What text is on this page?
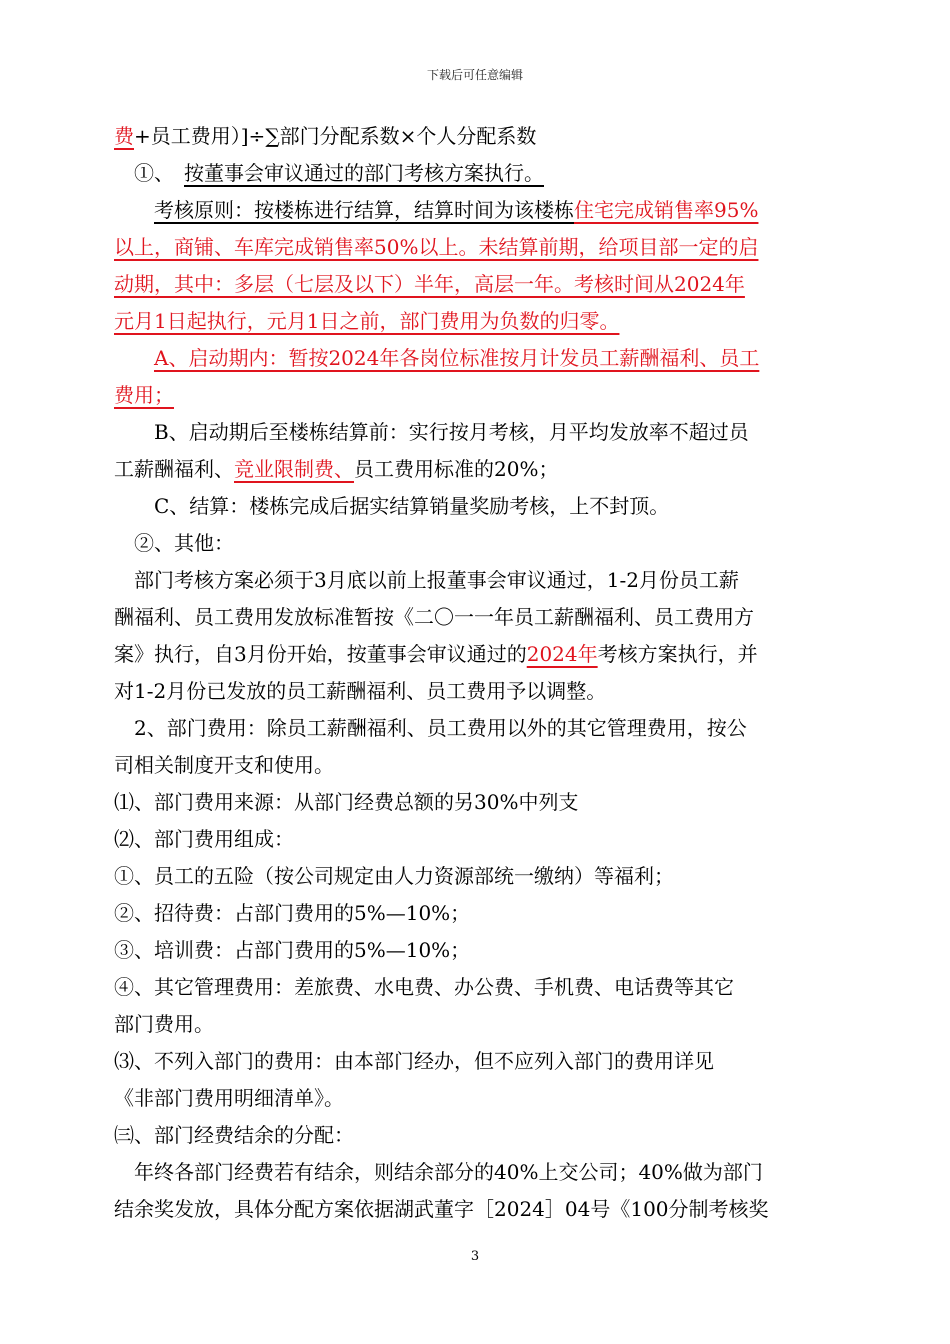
下载后可任意编辑
费+员工费用）]÷∑部门分配系数×个人分配系数
　①、　按董事会审议通过的部门考核方案执行。
　　考核原则：按楼栋进行结算，结算时间为该楼栋住宅完成销售率95%
以上，商铺、车库完成销售率50%以上。未结算前期，给项目部一定的启
动期，其中：多层（七层及以下）半年，高层一年。考核时间从2024年
元月1日起执行，元月1日之前，部门费用为负数的归零。
　　A、启动期内：暂按2024年各岗位标准按月计发员工薪酬福利、员工
费用；
　　B、启动期后至楼栋结算前：实行按月考核，月平均发放率不超过员
工薪酬福利、竞业限制费、员工费用标准的20%；
　　C、结算：楼栋完成后据实结算销量奖励考核，上不封顶。
　②、其他：
　部门考核方案必须于3月底以前上报董事会审议通过，1-2月份员工薪
酬福利、员工费用发放标准暂按《二〇一一年员工薪酬福利、员工费用方
案》执行，自3月份开始，按董事会审议通过的2024年考核方案执行，并
对1-2月份已发放的员工薪酬福利、员工费用予以调整。
　2、部门费用：除员工薪酬福利、员工费用以外的其它管理费用，按公
司相关制度开支和使用。
⑴、部门费用来源：从部门经费总额的另30%中列支
⑵、部门费用组成：
①、员工的五险（按公司规定由人力资源部统一缴纳）等福利；
②、招待费：占部门费用的5%—10%；
③、培训费：占部门费用的5%—10%；
④、其它管理费用：差旅费、水电费、办公费、手机费、电话费等其它
部门费用。
⑶、不列入部门的费用：由本部门经办，但不应列入部门的费用详见
《非部门费用明细清单》。
㈢、部门经费结余的分配：
　年终各部门经费若有结余，则结余部分的40%上交公司；40%做为部门
结余奖发放，具体分配方案依据湖武董字［2024］04号《100分制考核奖
3
